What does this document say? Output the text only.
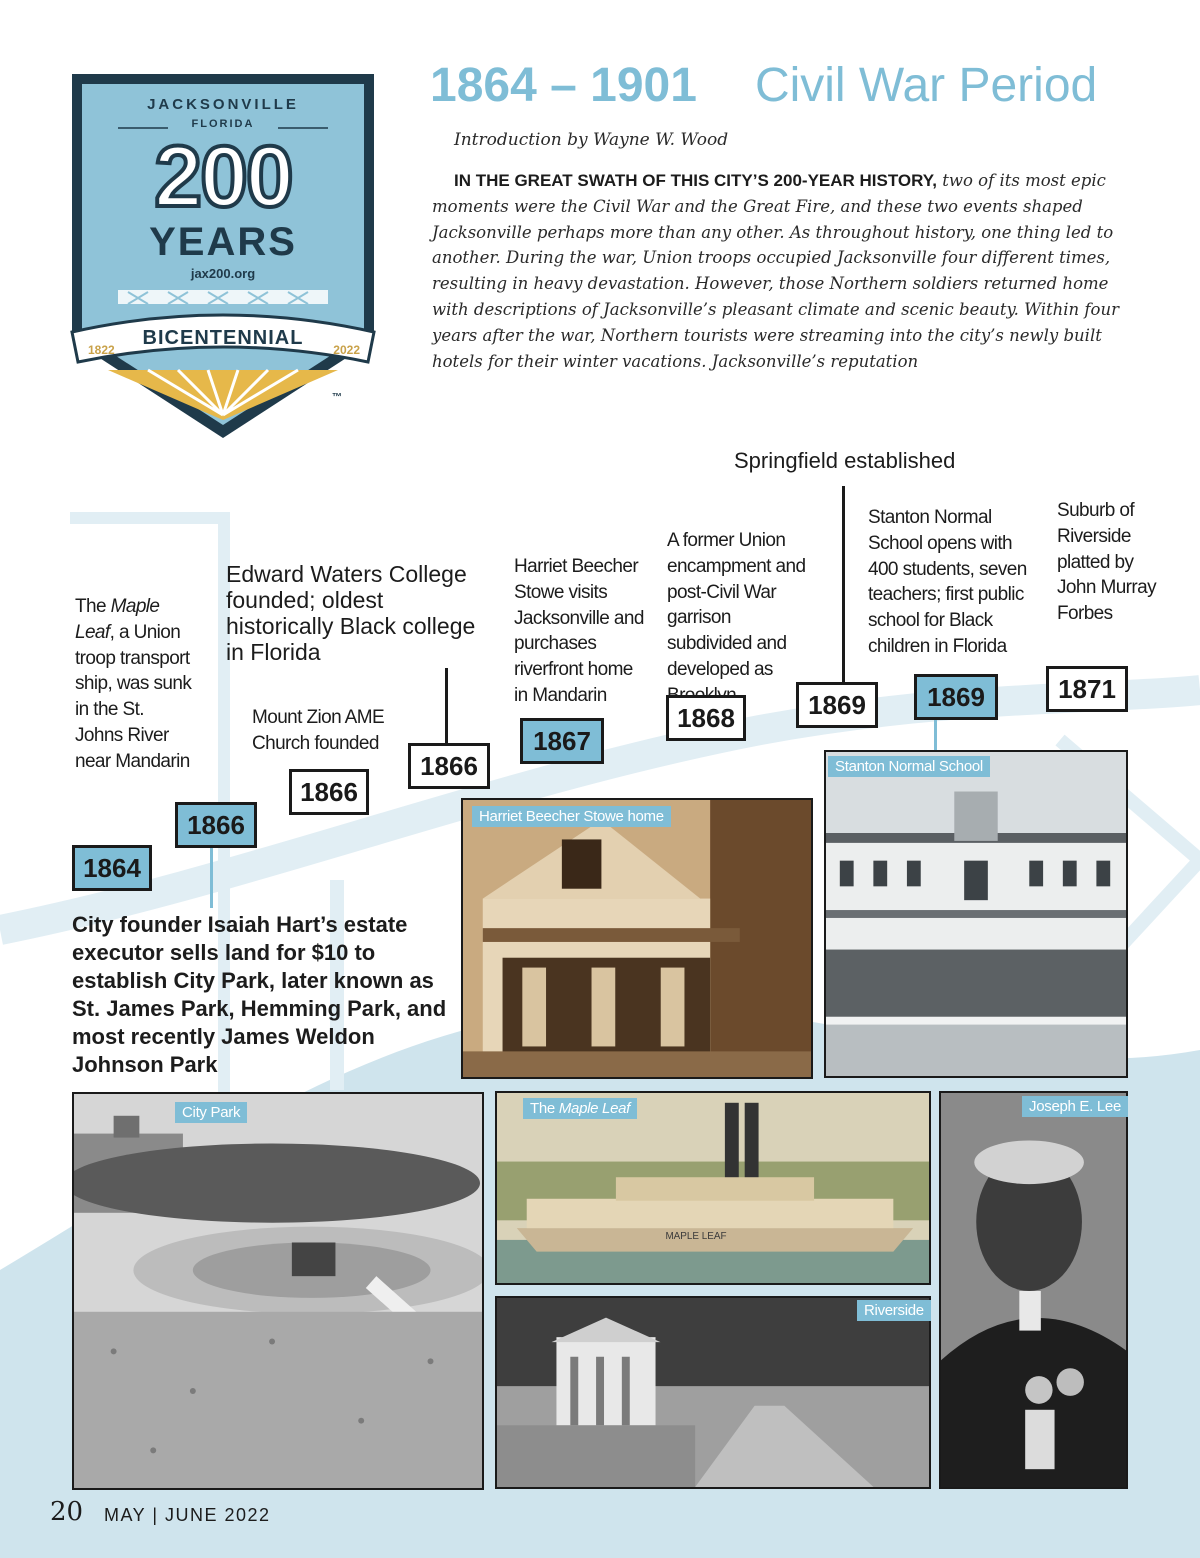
JACKSONVILLE
FLORIDA
200
YEARS
jax200.org
BICENTENNIAL
1822	2022
™
1864 – 1901 Civil War Period
Introduction by Wayne W. Wood

IN THE GREAT SWATH OF THIS CITY’S 200-YEAR HISTORY, two of its most epic moments were the Civil War and the Great Fire, and these two events shaped Jacksonville perhaps more than any other. As throughout history, one thing led to another. During the war, Union troops occupied Jacksonville four different times, resulting in heavy devastation. However, those Northern soldiers returned home with descriptions of Jacksonville’s pleasant climate and scenic beauty. Within four years after the war, Northern tourists were streaming into the city’s newly built hotels for their winter vacations. Jacksonville’s reputation

Springfield established
The Maple Leaf, a Union troop transport ship, was sunk in the St. Johns River near Mandarin
Edward Waters College founded; oldest historically Black college in Florida
Mount Zion AME Church founded
Harriet Beecher Stowe visits Jacksonville and purchases riverfront home in Mandarin
A former Union encampment and post-Civil War garrison subdivided and developed as
Stanton Normal School opens with 400 students, seven teachers; first public school for Black children in Florida
Suburb of Riverside platted by John Murray Forbes
City founder Isaiah Hart’s estate executor sells land for $10 to establish City Park, later known as St. James Park, Hemming Park, and most recently James Weldon Johnson Park
1864
1866
1866
1866
1867
1868	1869	1869	1871
Harriet Beecher Stowe home
Stanton Normal School
City Park
MAPLE LEAF
The Maple Leaf	Joseph E. Lee
Riverside
20 MAY | JUNE 2022
